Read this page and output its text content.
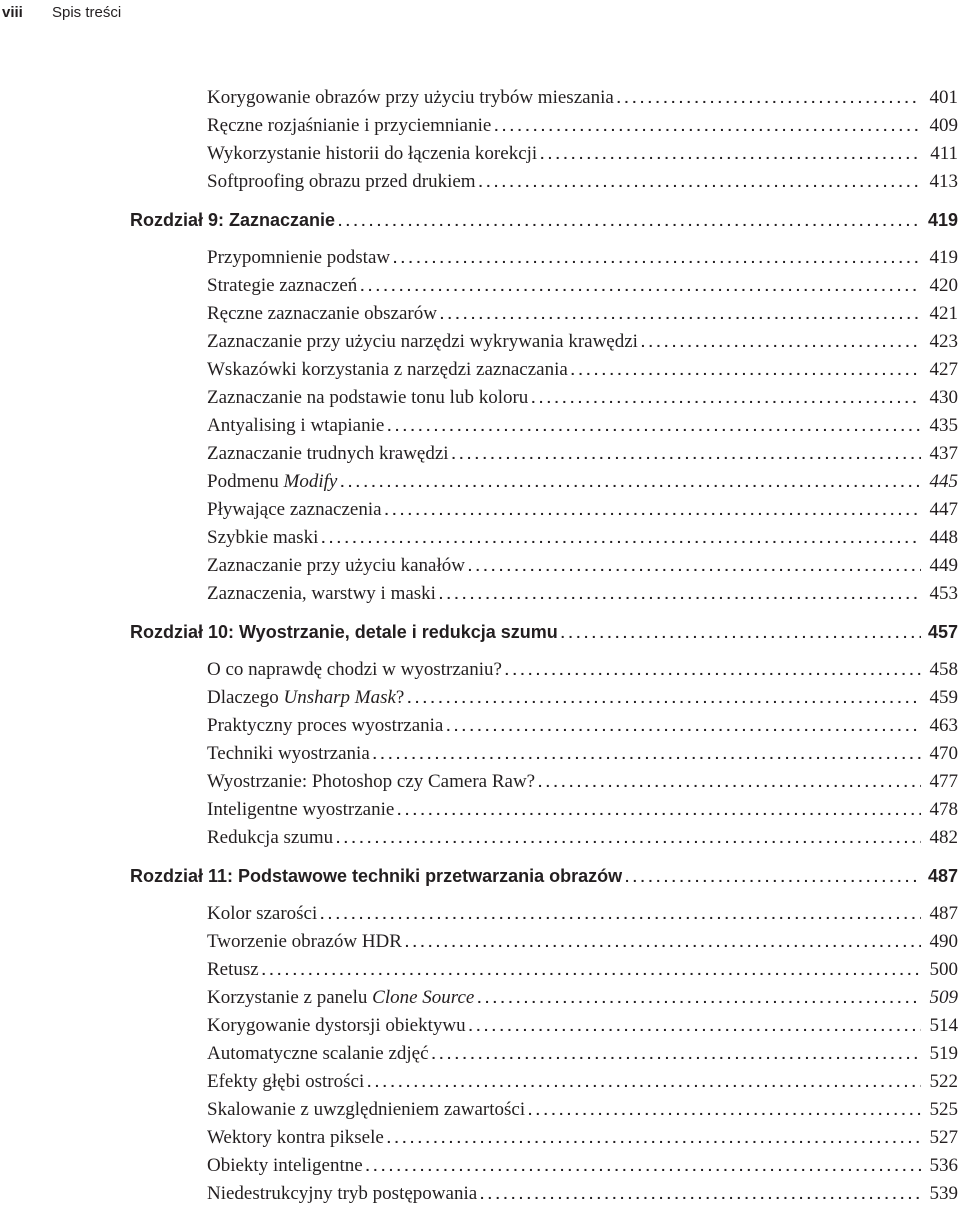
viii	Spis treści
Korygowanie obrazów przy użyciu trybów mieszania . . .	401
Ręczne rozjaśnianie i przyciemnianie . . .	409
Wykorzystanie historii do łączenia korekcji . . .	411
Softproofing obrazu przed drukiem . . .	413
Rozdział 9: Zaznaczanie . . .	419
Przypomnienie podstaw . . .	419
Strategie zaznaczeń . . .	420
Ręczne zaznaczanie obszarów . . .	421
Zaznaczanie przy użyciu narzędzi wykrywania krawędzi . . .	423
Wskazówki korzystania z narzędzi zaznaczania . . .	427
Zaznaczanie na podstawie tonu lub koloru . . .	430
Antyalising i wtapianie . . .	435
Zaznaczanie trudnych krawędzi . . .	437
Podmenu Modify . . .	445
Pływające zaznaczenia . . .	447
Szybkie maski . . .	448
Zaznaczanie przy użyciu kanałów . . .	449
Zaznaczenia, warstwy i maski . . .	453
Rozdział 10: Wyostrzanie, detale i redukcja szumu . . .	457
O co naprawdę chodzi w wyostrzaniu? . . .	458
Dlaczego Unsharp Mask? . . .	459
Praktyczny proces wyostrzania . . .	463
Techniki wyostrzania . . .	470
Wyostrzanie: Photoshop czy Camera Raw? . . .	477
Inteligentne wyostrzanie . . .	478
Redukcja szumu . . .	482
Rozdział 11: Podstawowe techniki przetwarzania obrazów . . .	487
Kolor szarości . . .	487
Tworzenie obrazów HDR . . .	490
Retusz . . .	500
Korzystanie z panelu Clone Source . . .	509
Korygowanie dystorsji obiektywu . . .	514
Automatyczne scalanie zdjęć . . .	519
Efekty głębi ostrości . . .	522
Skalowanie z uwzględnieniem zawartości . . .	525
Wektory kontra piksele . . .	527
Obiekty inteligentne . . .	536
Niedestrukcyjny tryb postępowania . . .	539
